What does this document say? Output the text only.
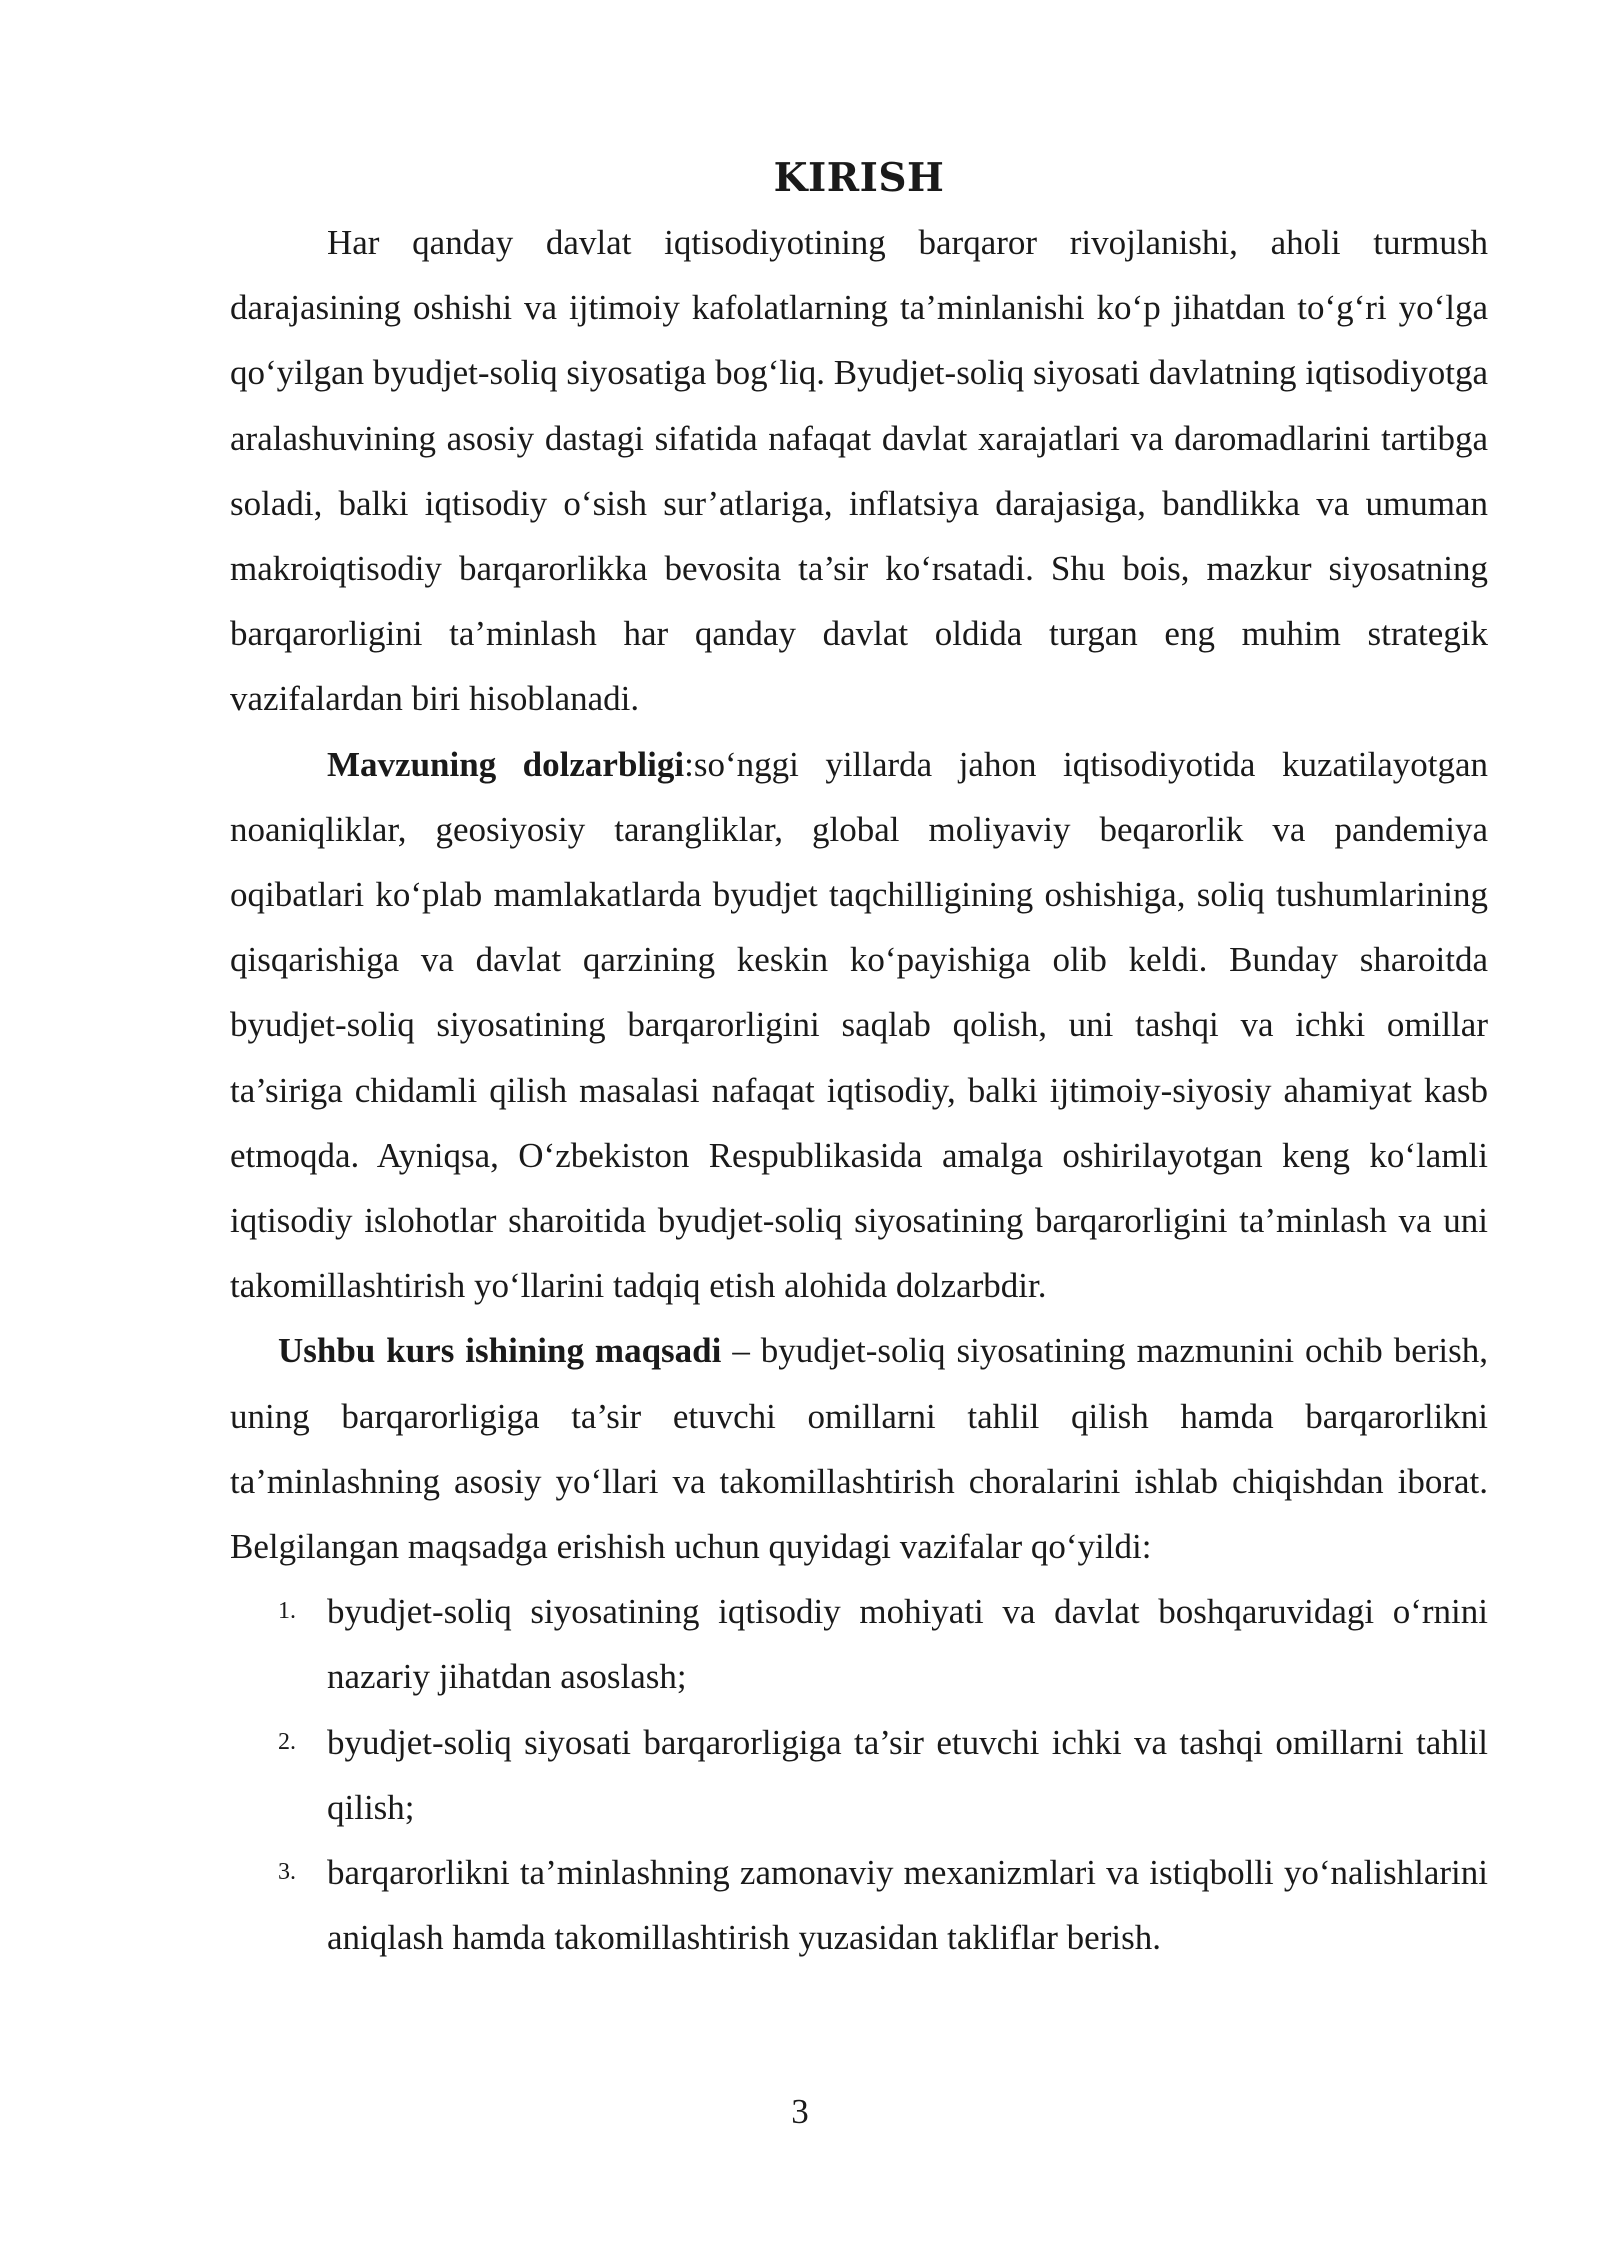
KIRISH

Har qanday davlat iqtisodiyotining barqaror rivojlanishi, aholi turmush darajasining oshishi va ijtimoiy kafolatlarning ta’minlanishi ko‘p jihatdan to‘g‘ri yo‘lga qo‘yilgan byudjet-soliq siyosatiga bog‘liq. Byudjet-soliq siyosati davlatning iqtisodiyotga aralashuvining asosiy dastagi sifatida nafaqat davlat xarajatlari va daromadlarini tartibga soladi, balki iqtisodiy o‘sish sur’atlariga, inflatsiya darajasiga, bandlikka va umuman makroiqtisodiy barqarorlikka bevosita ta’sir ko‘rsatadi. Shu bois, mazkur siyosatning barqarorligini ta’minlash har qanday davlat oldida turgan eng muhim strategik vazifalardan biri hisoblanadi.

Mavzuning dolzarbligi:so‘nggi yillarda jahon iqtisodiyotida kuzatilayotgan noaniqliklar, geosiyosiy tarangliklar, global moliyaviy beqarorlik va pandemiya oqibatlari ko‘plab mamlakatlarda byudjet taqchilligining oshishiga, soliq tushumlarining qisqarishiga va davlat qarzining keskin ko‘payishiga olib keldi. Bunday sharoitda byudjet-soliq siyosatining barqarorligini saqlab qolish, uni tashqi va ichki omillar ta’siriga chidamli qilish masalasi nafaqat iqtisodiy, balki ijtimoiy-siyosiy ahamiyat kasb etmoqda. Ayniqsa, O‘zbekiston Respublikasida amalga oshirilayotgan keng ko‘lamli iqtisodiy islohotlar sharoitida byudjet-soliq siyosatining barqarorligini ta’minlash va uni takomillashtirish yo‘llarini tadqiq etish alohida dolzarbdir.

Ushbu kurs ishining maqsadi – byudjet-soliq siyosatining mazmunini ochib berish, uning barqarorligiga ta’sir etuvchi omillarni tahlil qilish hamda barqarorlikni ta’minlashning asosiy yo‘llari va takomillashtirish choralarini ishlab chiqishdan iborat. Belgilangan maqsadga erishish uchun quyidagi vazifalar qo‘yildi:

1. byudjet-soliq siyosatining iqtisodiy mohiyati va davlat boshqaruvidagi o‘rnini nazariy jihatdan asoslash;
2. byudjet-soliq siyosati barqarorligiga ta’sir etuvchi ichki va tashqi omillarni tahlil qilish;
3. barqarorlikni ta’minlashning zamonaviy mexanizmlari va istiqbolli yo‘nalishlarini aniqlash hamda takomillashtirish yuzasidan takliflar berish.
3
